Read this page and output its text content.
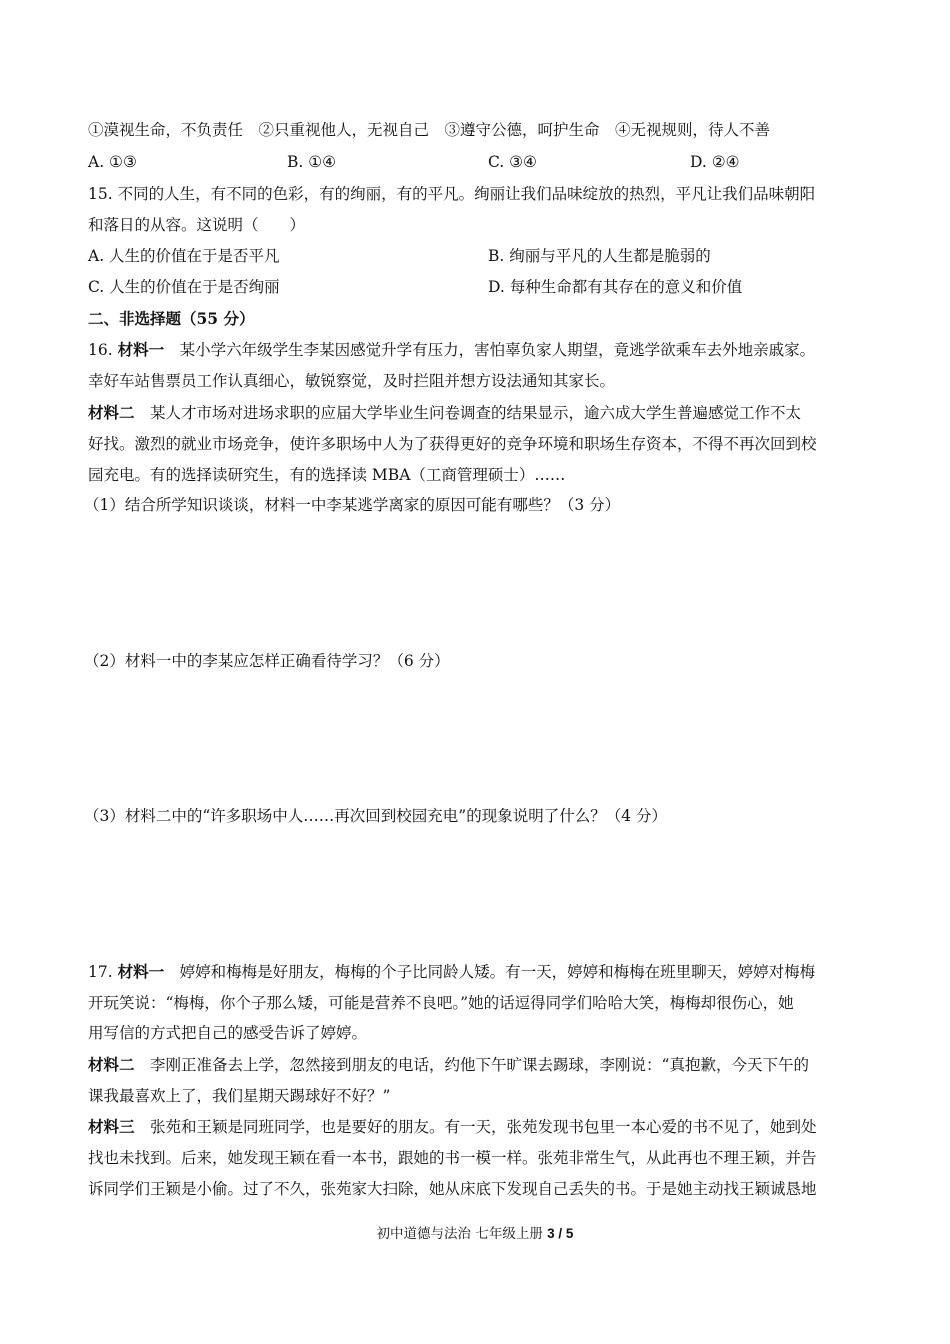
①漠视生命，不负责任　②只重视他人，无视自己　③遵守公德，呵护生命　④无视规则，待人不善
A. ①③	B. ①④	C. ③④	D. ②④
15. 不同的人生，有不同的色彩，有的绚丽，有的平凡。绚丽让我们品味绽放的热烈，平凡让我们品味朝阳
和落日的从容。这说明（　　）
A. 人生的价值在于是否平凡	B. 绚丽与平凡的人生都是脆弱的
C. 人生的价值在于是否绚丽	D. 每种生命都有其存在的意义和价值
二、非选择题（55 分）
16. 材料一　某小学六年级学生李某因感觉升学有压力，害怕辜负家人期望，竟逃学欲乘车去外地亲戚家。
幸好车站售票员工作认真细心，敏锐察觉，及时拦阻并想方设法通知其家长。
材料二　某人才市场对进场求职的应届大学毕业生问卷调查的结果显示，逾六成大学生普遍感觉工作不太
好找。激烈的就业市场竞争，使许多职场中人为了获得更好的竞争环境和职场生存资本，不得不再次回到校
园充电。有的选择读研究生，有的选择读 MBA（工商管理硕士）……
（1）结合所学知识谈谈，材料一中李某逃学离家的原因可能有哪些？（3 分）
（2）材料一中的李某应怎样正确看待学习？（6 分）
（3）材料二中的“许多职场中人……再次回到校园充电”的现象说明了什么？（4 分）
17. 材料一　婷婷和梅梅是好朋友，梅梅的个子比同龄人矮。有一天，婷婷和梅梅在班里聊天，婷婷对梅梅
开玩笑说：“梅梅，你个子那么矮，可能是营养不良吧。”她的话逗得同学们哈哈大笑，梅梅却很伤心，她
用写信的方式把自己的感受告诉了婷婷。
材料二　李刚正准备去上学，忽然接到朋友的电话，约他下午旷课去踢球，李刚说：“真抱歉，今天下午的
课我最喜欢上了，我们星期天踢球好不好？”
材料三　张苑和王颖是同班同学，也是要好的朋友。有一天，张苑发现书包里一本心爱的书不见了，她到处
找也未找到。后来，她发现王颖在看一本书，跟她的书一模一样。张苑非常生气，从此再也不理王颖，并告
诉同学们王颖是小偷。过了不久，张苑家大扫除，她从床底下发现自己丢失的书。于是她主动找王颖诚恳地
初中道德与法治 七年级上册 3 / 5
